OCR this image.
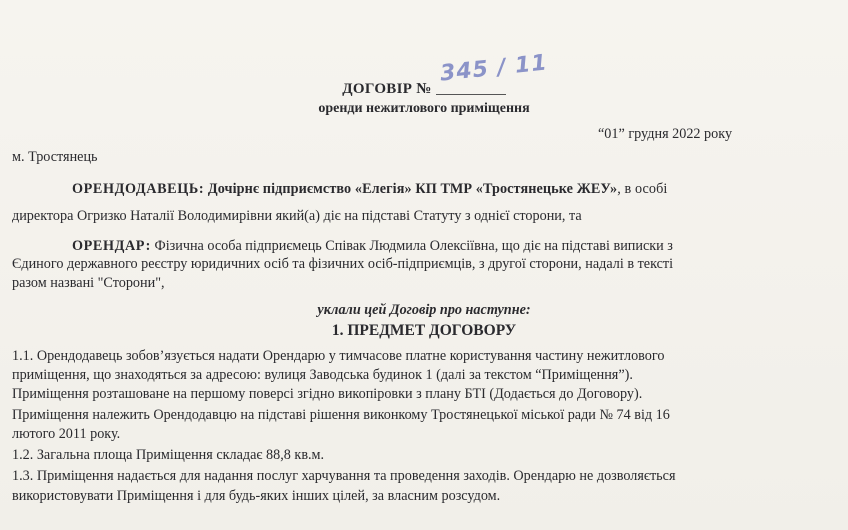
ДОГОВІР №
345 / 11
оренди нежитлового приміщення
“01” грудня 2022 року
м. Тростянець
ОРЕНДОДАВЕЦЬ: Дочірнє підприємство «Елегія» КП ТМР «Тростянецьке ЖЕУ», в особі
директора Огризко Наталії Володимирівни який(а) діє на підставі Статуту з однієї сторони, та
ОРЕНДАР: Фізична особа підприємець Співак Людмила Олексіївна, що діє на підставі виписки з
Єдиного державного реєстру юридичних осіб та фізичних осіб-підприємців, з другої сторони, надалі в тексті
разом названі "Сторони",
уклали цей Договір про наступне:
1. ПРЕДМЕТ ДОГОВОРУ
1.1. Орендодавець зобов’язується надати Орендарю у тимчасове платне користування частину нежитлового
приміщення, що знаходяться за адресою: вулиця Заводська будинок 1 (далі за текстом “Приміщення”).
Приміщення розташоване на першому поверсі згідно викопіровки з плану БТІ (Додається до Договору).
Приміщення належить Орендодавцю на підставі рішення виконкому Тростянецької міської ради № 74 від 16
лютого 2011 року.
1.2. Загальна площа Приміщення складає 88,8 кв.м.
1.3. Приміщення надається для надання послуг харчування та проведення заходів. Орендарю не дозволяється
використовувати Приміщення і для будь-яких інших цілей, за власним розсудом.
